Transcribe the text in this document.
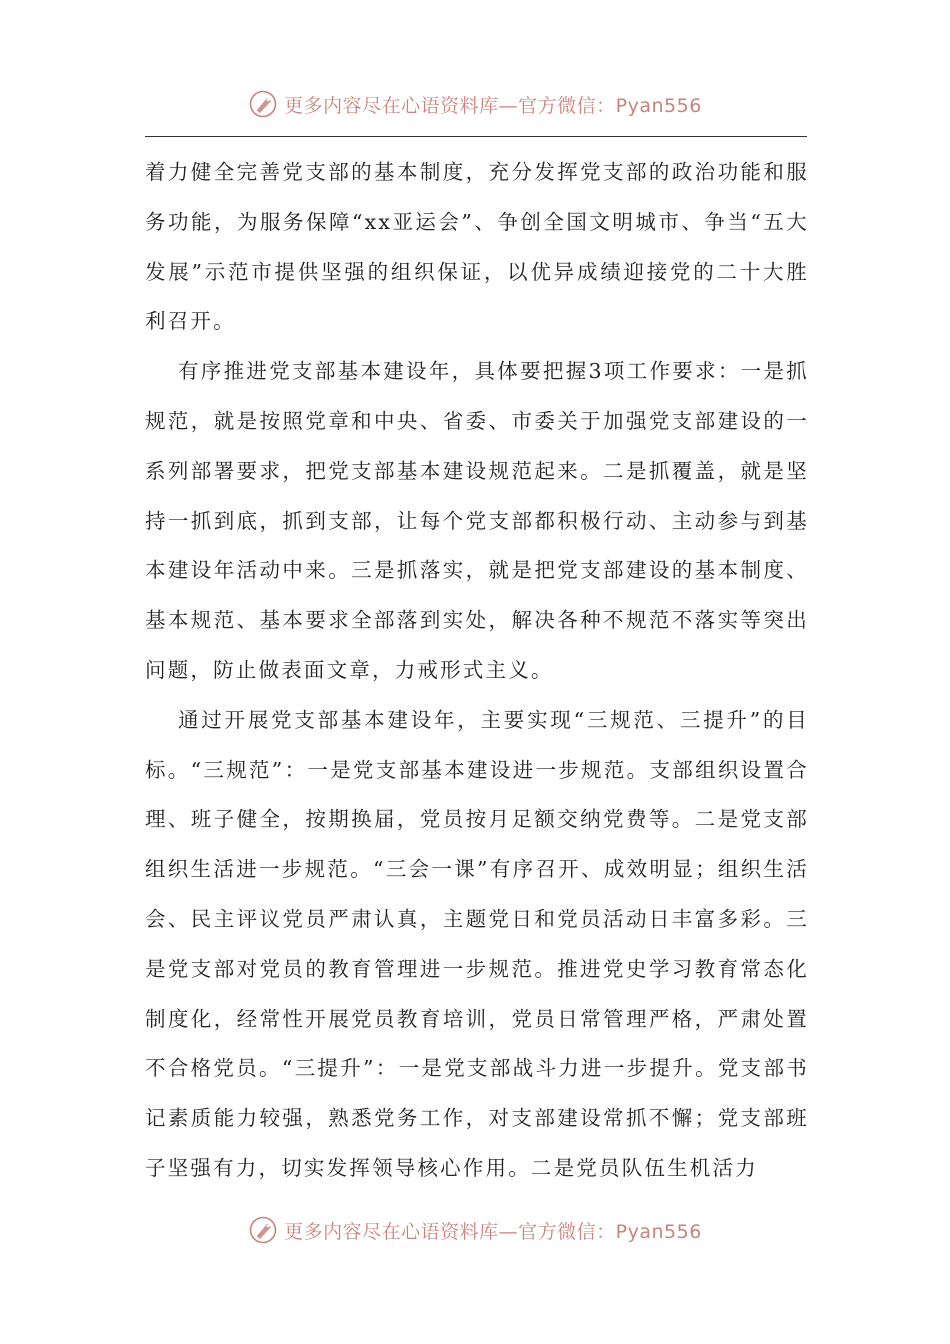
更多内容尽在心语资料库—官方微信：Pyan556

着力健全完善党支部的基本制度，充分发挥党支部的政治功能和服务功能，为服务保障“xx亚运会”、争创全国文明城市、争当“五大发展”示范市提供坚强的组织保证，以优异成绩迎接党的二十大胜利召开。

有序推进党支部基本建设年，具体要把握3项工作要求：一是抓规范，就是按照党章和中央、省委、市委关于加强党支部建设的一系列部署要求，把党支部基本建设规范起来。二是抓覆盖，就是坚持一抓到底，抓到支部，让每个党支部都积极行动、主动参与到基本建设年活动中来。三是抓落实，就是把党支部建设的基本制度、基本规范、基本要求全部落到实处，解决各种不规范不落实等突出问题，防止做表面文章，力戒形式主义。

通过开展党支部基本建设年，主要实现“三规范、三提升”的目标。“三规范”：一是党支部基本建设进一步规范。支部组织设置合理、班子健全，按期换届，党员按月足额交纳党费等。二是党支部组织生活进一步规范。“三会一课”有序召开、成效明显；组织生活会、民主评议党员严肃认真，主题党日和党员活动日丰富多彩。三是党支部对党员的教育管理进一步规范。推进党史学习教育常态化制度化，经常性开展党员教育培训，党员日常管理严格，严肃处置不合格党员。“三提升”：一是党支部战斗力进一步提升。党支部书记素质能力较强，熟悉党务工作，对支部建设常抓不懈；党支部班子坚强有力，切实发挥领导核心作用。二是党员队伍生机活力

更多内容尽在心语资料库—官方微信：Pyan556
